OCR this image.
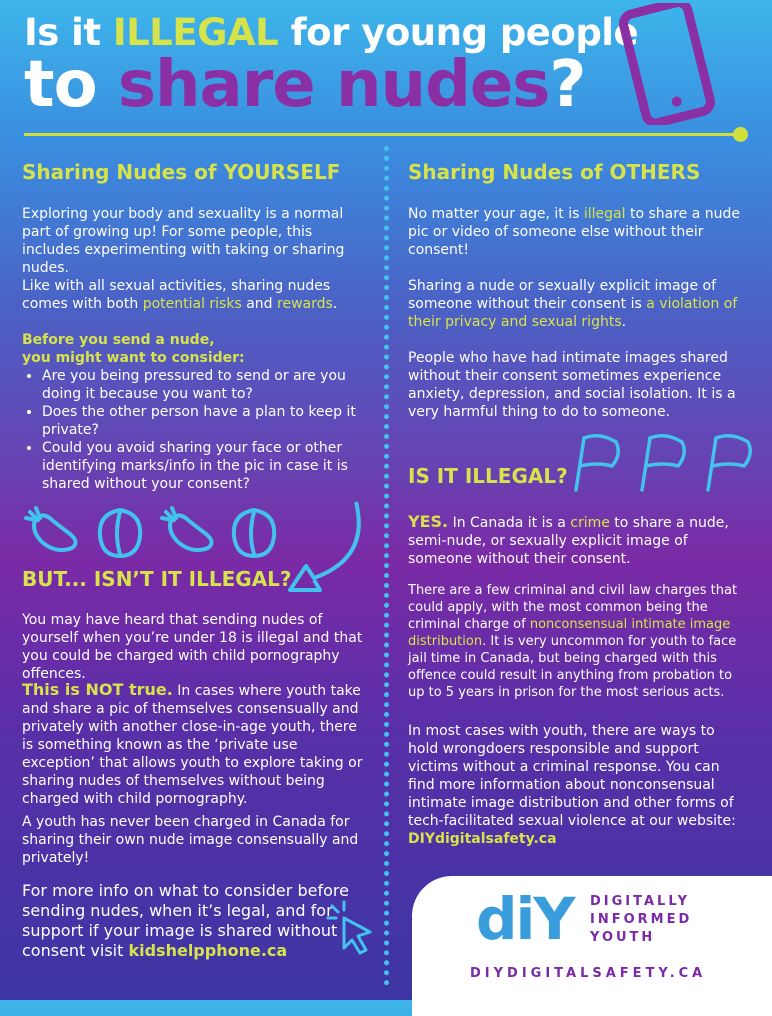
Is it ILLEGAL for young people
to share nudes?
Sharing Nudes of YOURSELF

Exploring your body and sexuality is a normal part of growing up! For some people, this includes experimenting with taking or sharing nudes.

Like with all sexual activities, sharing nudes comes with both potential risks and rewards.

Before you send a nude,
you might want to consider:
• Are you being pressured to send or are you doing it because you want to?
• Does the other person have a plan to keep it private?
• Could you avoid sharing your face or other identifying marks/info in the pic in case it is shared without your consent?
BUT... ISN’T IT ILLEGAL?

You may have heard that sending nudes of yourself when you’re under 18 is illegal and that you could be charged with child pornography offences.

This is NOT true. In cases where youth take and share a pic of themselves consensually and privately with another close-in-age youth, there is something known as the ‘private use exception’ that allows youth to explore taking or sharing nudes of themselves without being charged with child pornography.

A youth has never been charged in Canada for sharing their own nude image consensually and privately!

For more info on what to consider before sending nudes, when it’s legal, and for support if your image is shared without consent visit kidshelpphone.ca

Sharing Nudes of OTHERS

No matter your age, it is illegal to share a nude pic or video of someone else without their consent!

Sharing a nude or sexually explicit image of someone without their consent is a violation of their privacy and sexual rights.

People who have had intimate images shared without their consent sometimes experience anxiety, depression, and social isolation. It is a very harmful thing to do to someone.

IS IT ILLEGAL?

YES. In Canada it is a crime to share a nude, semi-nude, or sexually explicit image of someone without their consent.

There are a few criminal and civil law charges that could apply, with the most common being the criminal charge of nonconsensual intimate image distribution. It is very uncommon for youth to face jail time in Canada, but being charged with this offence could result in anything from probation to up to 5 years in prison for the most serious acts.

In most cases with youth, there are ways to hold wrongdoers responsible and support victims without a criminal response. You can find more information about nonconsensual intimate image distribution and other forms of tech-facilitated sexual violence at our website: DIYdigitalsafety.ca

diY DIGITALLY
INFORMED
YOUTH
DIYDIGITALSAFETY.CA
